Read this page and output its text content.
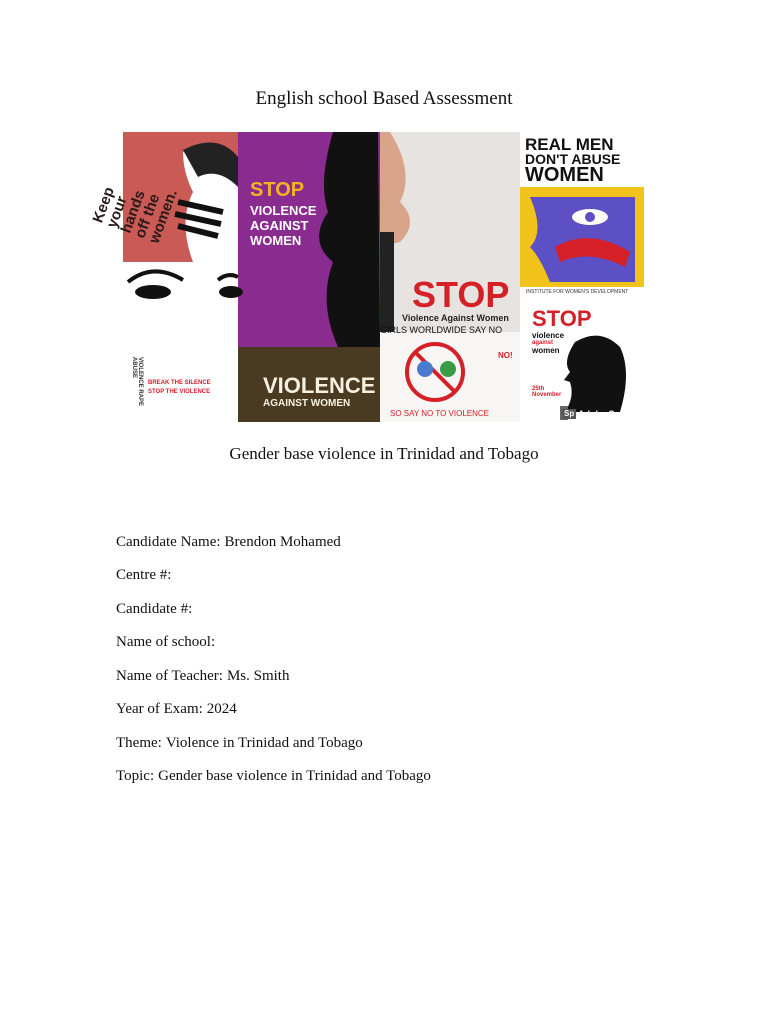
English school Based Assessment
Keep your hands off the women.	STOP
VIOLENCE
AGAINST
WOMEN
STOP
Violence Against Women
REAL MEN
DON'T ABUSE
WOMEN
INSTITUTE FOR WOMEN'S DEVELOPMENT
VIOLENCE RAPE ABUSE
BREAK THE SILENCE
STOP THE VIOLENCE VIOLENCE
AGAINST WOMEN
GIRLS WORLDWIDE SAY NO
NO!
SO SAY NO TO VIOLENCE
STOP
violence
against
women
25th November
Sp Adobe Spark
Gender base violence in Trinidad and Tobago
Candidate Name: Brendon Mohamed
Centre #:
Candidate #:
Name of school:
Name of Teacher: Ms. Smith
Year of Exam: 2024
Theme: Violence in Trinidad and Tobago
Topic: Gender base violence in Trinidad and Tobago
